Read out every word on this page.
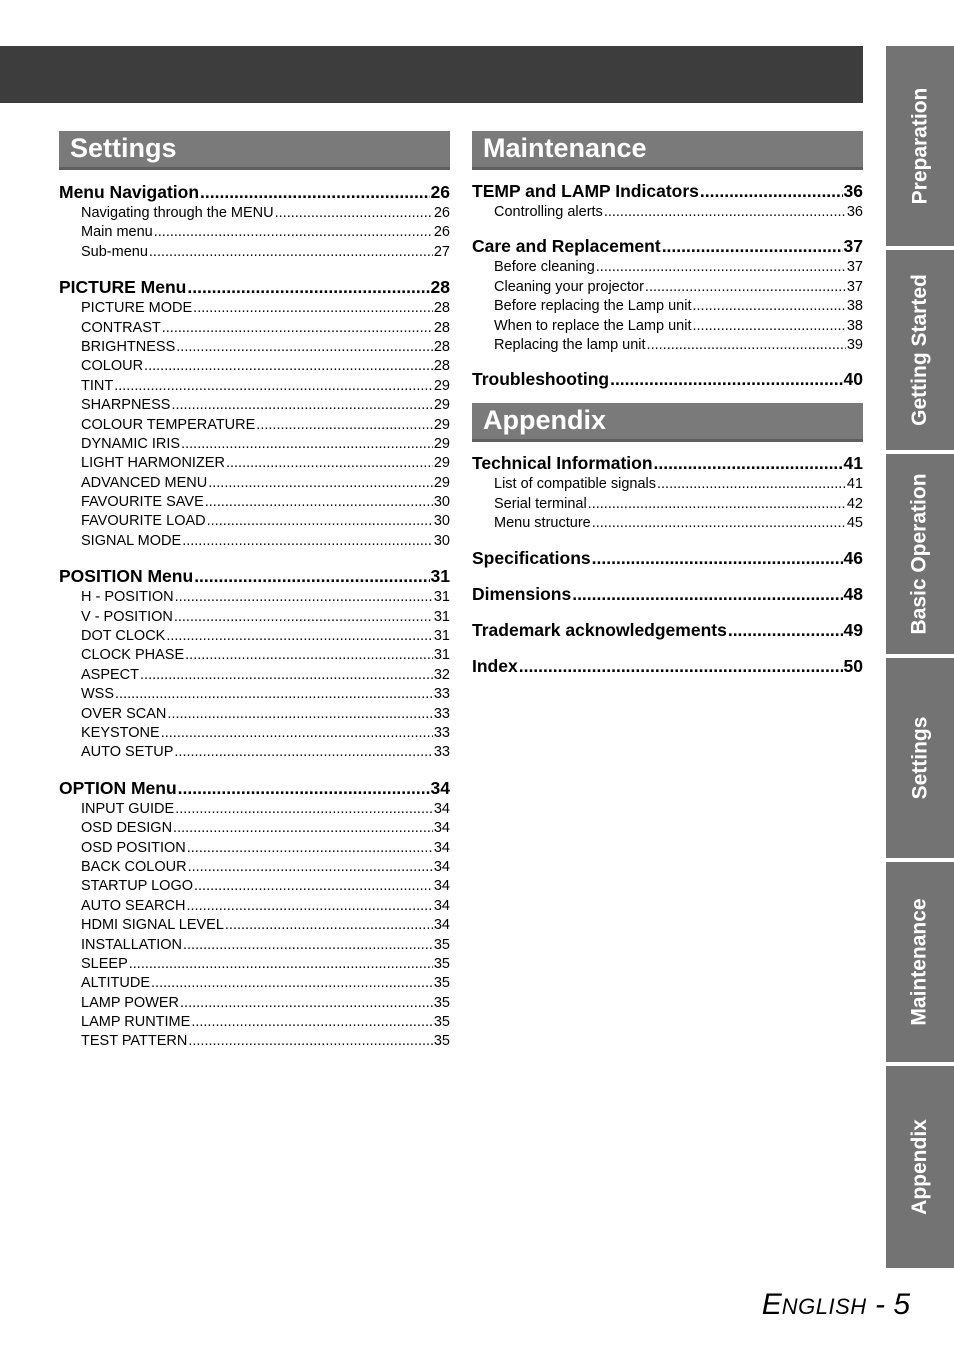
Settings
Menu Navigation .....	26
Navigating through the MENU .....	26
Main menu .....	26
Sub-menu .....	27
PICTURE Menu .....	28
PICTURE MODE .....	28
CONTRAST .....	28
BRIGHTNESS .....	28
COLOUR .....	28
TINT .....	29
SHARPNESS .....	29
COLOUR TEMPERATURE .....	29
DYNAMIC IRIS .....	29
LIGHT HARMONIZER .....	29
ADVANCED MENU .....	29
FAVOURITE SAVE .....	30
FAVOURITE LOAD .....	30
SIGNAL MODE .....	30
POSITION Menu .....	31
H - POSITION .....	31
V - POSITION .....	31
DOT CLOCK .....	31
CLOCK PHASE .....	31
ASPECT .....	32
WSS .....	33
OVER SCAN .....	33
KEYSTONE .....	33
AUTO SETUP .....	33
OPTION Menu .....	34
INPUT GUIDE .....	34
OSD DESIGN .....	34
OSD POSITION .....	34
BACK COLOUR .....	34
STARTUP LOGO .....	34
AUTO SEARCH .....	34
HDMI SIGNAL LEVEL .....	34
INSTALLATION .....	35
SLEEP .....	35
ALTITUDE .....	35
LAMP POWER .....	35
LAMP RUNTIME .....	35
TEST PATTERN .....	35
Maintenance
TEMP and LAMP Indicators .....	36
Controlling alerts .....	36
Care and Replacement .....	37
Before cleaning .....	37
Cleaning your projector .....	37
Before replacing the Lamp unit .....	38
When to replace the Lamp unit .....	38
Replacing the lamp unit .....	39
Troubleshooting .....	40
Appendix
Technical Information .....	41
List of compatible signals .....	41
Serial terminal .....	42
Menu structure .....	45
Specifications .....	46
Dimensions .....	48
Trademark acknowledgements .....	49
Index .....	50
Preparation
Getting Started
Basic Operation
Settings
Maintenance
Appendix
ENGLISH - 5
